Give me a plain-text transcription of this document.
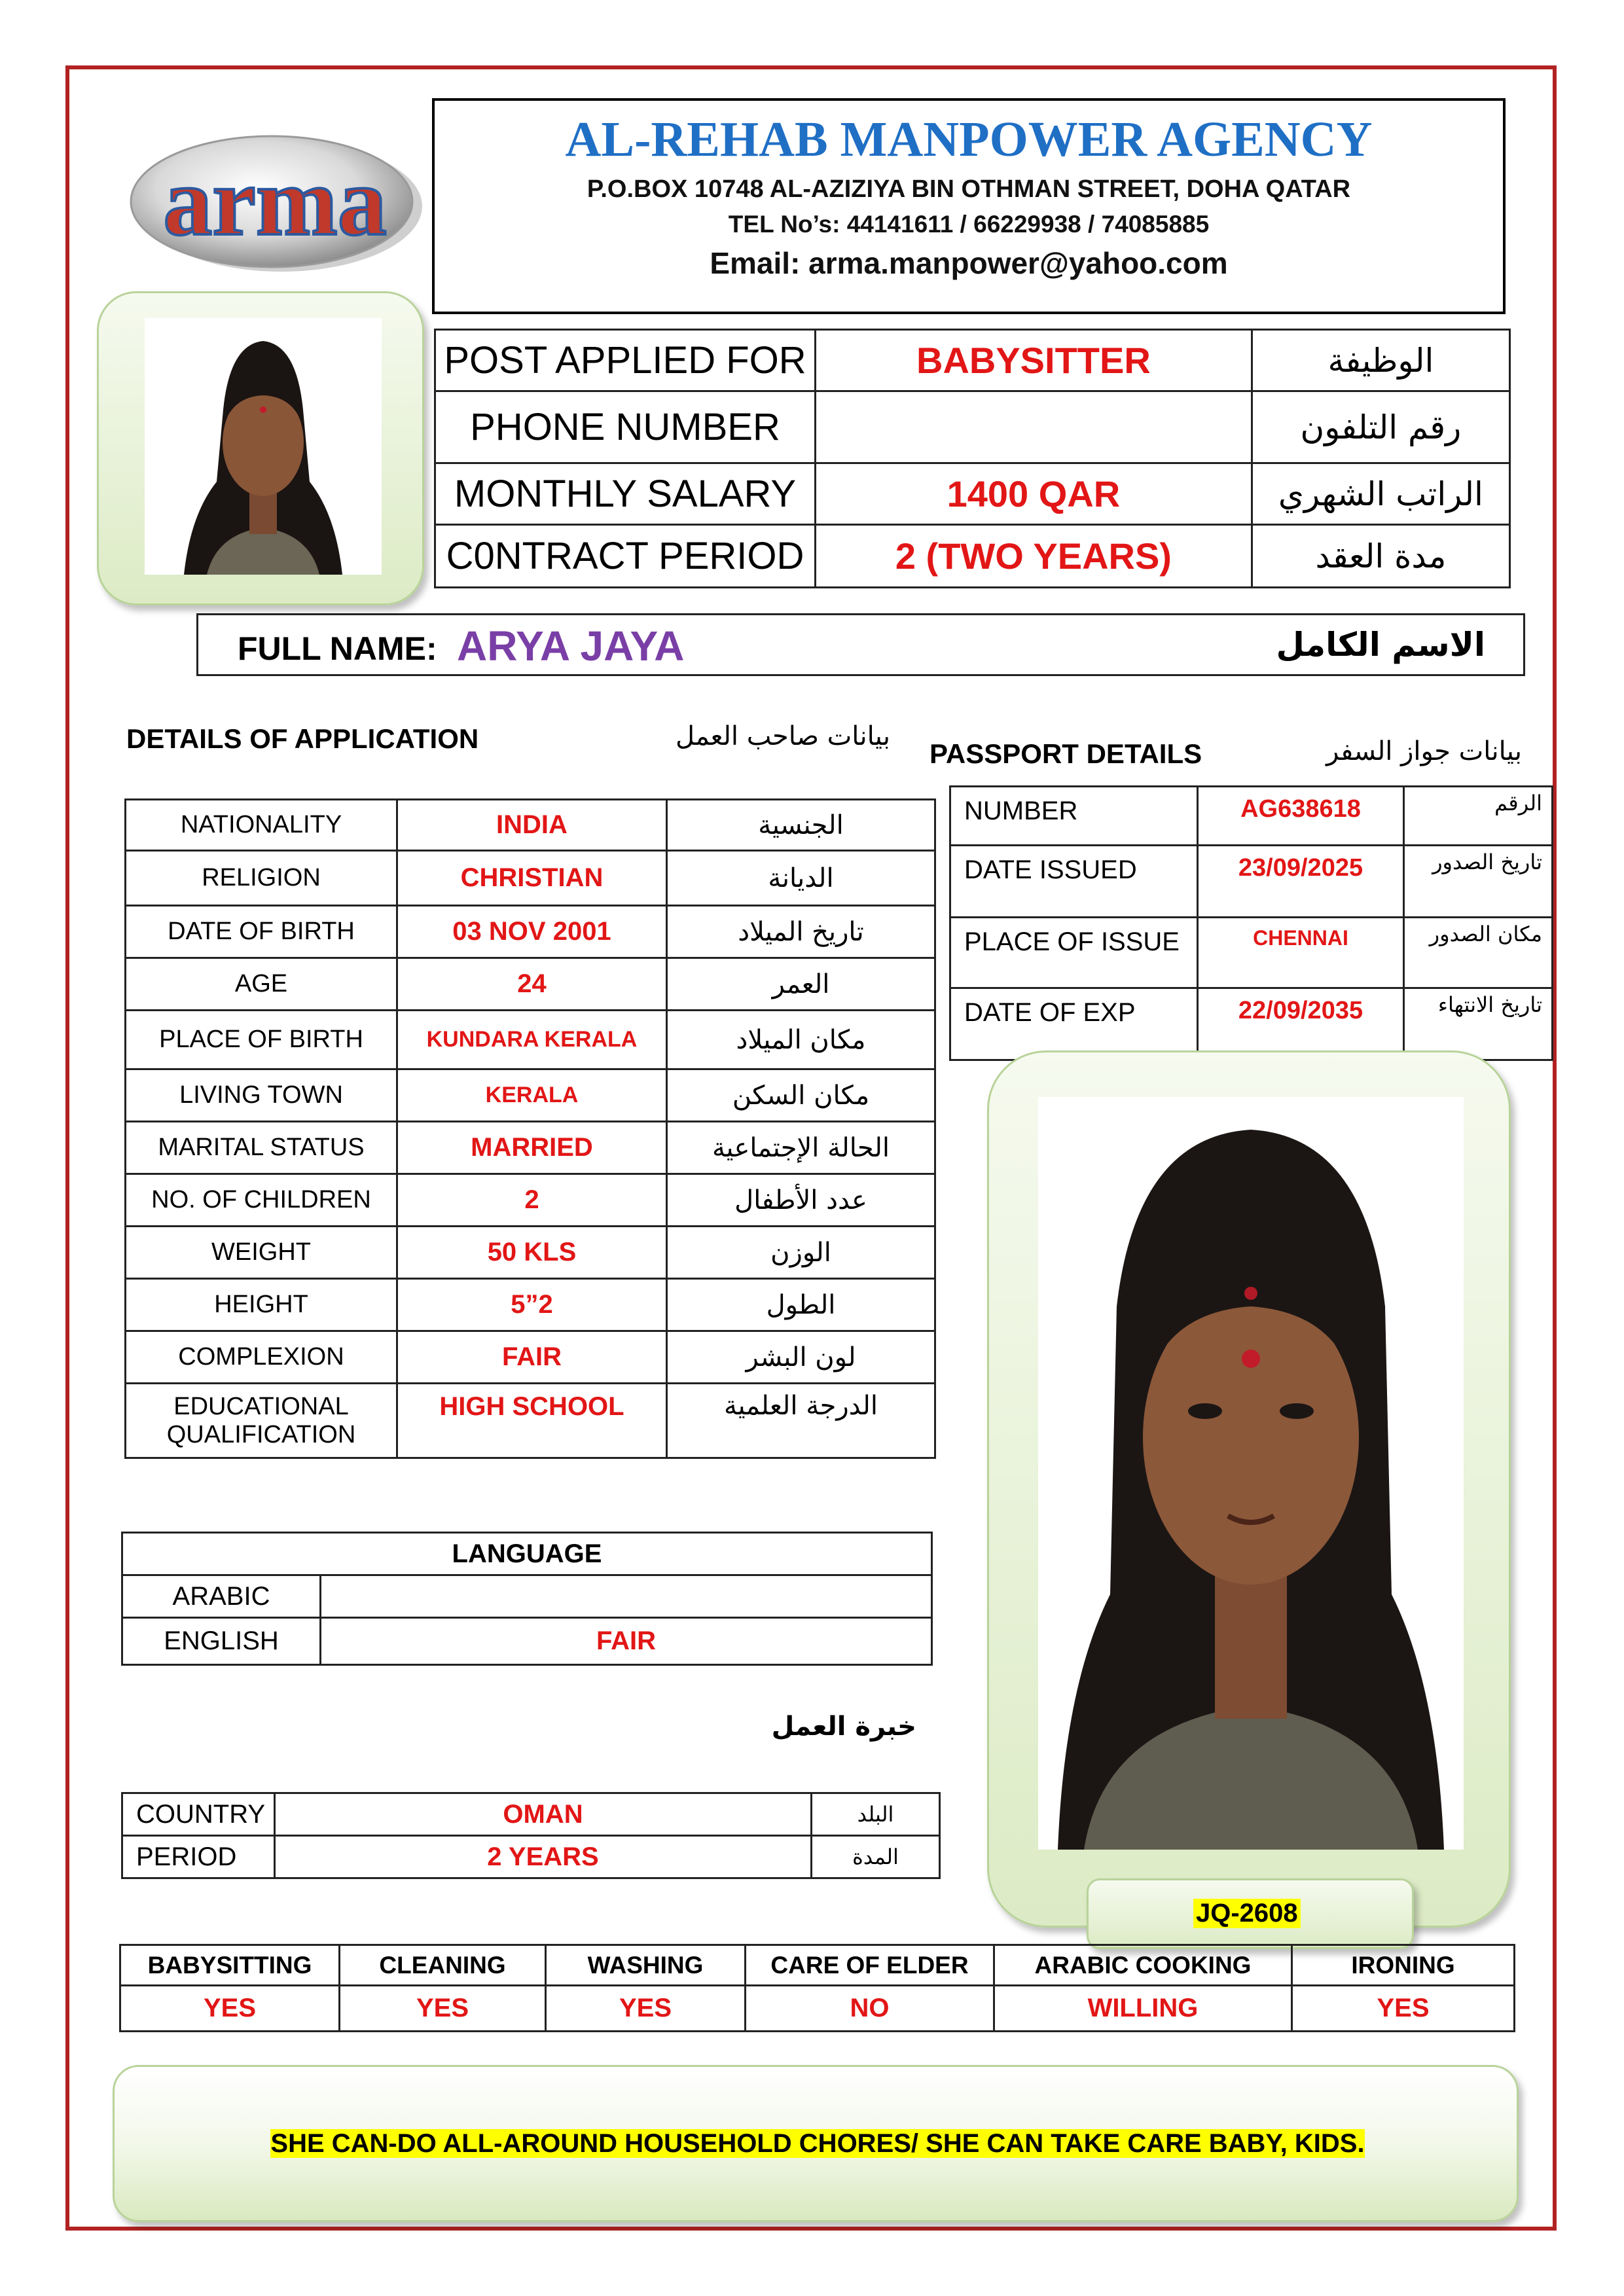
arma
AL-REHAB MANPOWER AGENCY
P.O.BOX 10748 AL-AZIZIYA BIN OTHMAN STREET, DOHA QATAR
TEL No’s: 44141611 / 66229938 / 74085885
Email: arma.manpower@yahoo.com
POST APPLIED FOR	BABYSITTER	الوظيفة
PHONE NUMBER		رقم التلفون
MONTHLY SALARY	1400 QAR	الراتب الشهري
C0NTRACT PERIOD	2 (TWO YEARS)	مدة العقد
FULL NAME: ARYA JAYA	الاسم الكامل
DETAILS OF APPLICATION	بيانات صاحب العمل
NATIONALITY	INDIA	الجنسية
RELIGION	CHRISTIAN	الديانة
DATE OF BIRTH	03 NOV 2001	تاريخ الميلاد
AGE	24	العمر
PLACE OF BIRTH	KUNDARA KERALA	مكان الميلاد
LIVING TOWN	KERALA	مكان السكن
MARITAL STATUS	MARRIED	الحالة الإجتماعية
NO. OF CHILDREN	2	عدد الأطفال
WEIGHT	50 KLS	الوزن
HEIGHT	5”2	الطول
COMPLEXION	FAIR	لون البشر
EDUCATIONAL QUALIFICATION	HIGH SCHOOL	الدرجة العلمية
PASSPORT DETAILS	بيانات جواز السفر
NUMBER	AG638618	الرقم
DATE ISSUED	23/09/2025	تاريخ الصدور
PLACE OF ISSUE	CHENNAI	مكان الصدور
DATE OF EXP	22/09/2035	تاريخ الانتهاء
JQ-2608
LANGUAGE	
ARABIC	
ENGLISH	FAIR
خبرة العمل
COUNTRY	OMAN	البلد
PERIOD	2 YEARS	المدة
BABYSITTING	CLEANING	WASHING	CARE OF ELDER	ARABIC COOKING	IRONING
YES	YES	YES	NO	WILLING	YES
SHE CAN-DO ALL-AROUND HOUSEHOLD CHORES/ SHE CAN TAKE CARE BABY, KIDS.
